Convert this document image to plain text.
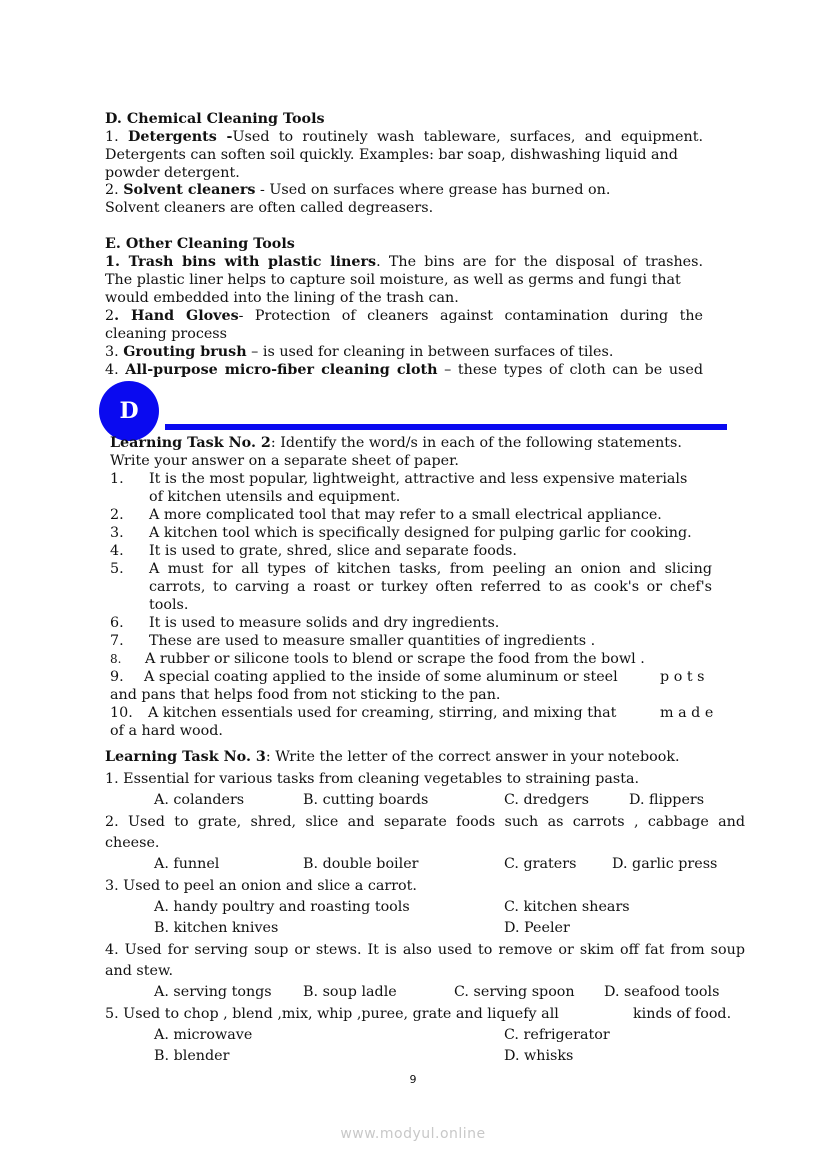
D. Chemical Cleaning Tools
1. Detergents -Used to routinely wash tableware, surfaces, and equipment.
Detergents can soften soil quickly. Examples: bar soap, dishwashing liquid and
powder detergent.
2. Solvent cleaners - Used on surfaces where grease has burned on.
Solvent cleaners are often called degreasers.
E. Other Cleaning Tools
1. Trash bins with plastic liners. The bins are for the disposal of trashes.
The plastic liner helps to capture soil moisture, as well as germs and fungi that
would embedded into the lining of the trash can.
2. Hand Gloves- Protection of cleaners against contamination during the
cleaning process
3. Grouting brush – is used for cleaning in between surfaces of tiles.
4. All-purpose micro-fiber cleaning cloth – these types of cloth can be used
D
Learning Task No. 2: Identify the word/s in each of the following statements.
Write your answer on a separate sheet of paper.
1. It is the most popular, lightweight, attractive and less expensive materials
of kitchen utensils and equipment.
2. A more complicated tool that may refer to a small electrical appliance.
3. A kitchen tool which is specifically designed for pulping garlic for cooking.
4. It is used to grate, shred, slice and separate foods.
5. A must for all types of kitchen tasks, from peeling an onion and slicing
carrots, to carving a roast or turkey often referred to as cook's or chef's
tools.
6. It is used to measure solids and dry ingredients.
7. These are used to measure smaller quantities of ingredients .
8. A rubber or silicone tools to blend or scrape the food from the bowl .
9. A special coating applied to the inside of some aluminum or steel	p o t s
and pans that helps food from not sticking to the pan.
10. A kitchen essentials used for creaming, stirring, and mixing that	m a d e
of a hard wood.
Learning Task No. 3: Write the letter of the correct answer in your notebook.
1. Essential for various tasks from cleaning vegetables to straining pasta.
A. colanders	B. cutting boards	C. dredgers	D. flippers
2. Used to grate, shred, slice and separate foods such as carrots , cabbage and
cheese.
A. funnel	B. double boiler	C. graters D. garlic press
3. Used to peel an onion and slice a carrot.
A. handy poultry and roasting tools	C. kitchen shears
B. kitchen knives	D. Peeler
4. Used for serving soup or stews. It is also used to remove or skim off fat from soup
and stew.
A. serving tongs B. soup ladle	C. serving spoon D. seafood tools
5. Used to chop , blend ,mix, whip ,puree, grate and liquefy all	kinds of food.
A. microwave	C. refrigerator
B. blender	D. whisks
9
www.modyul.online
